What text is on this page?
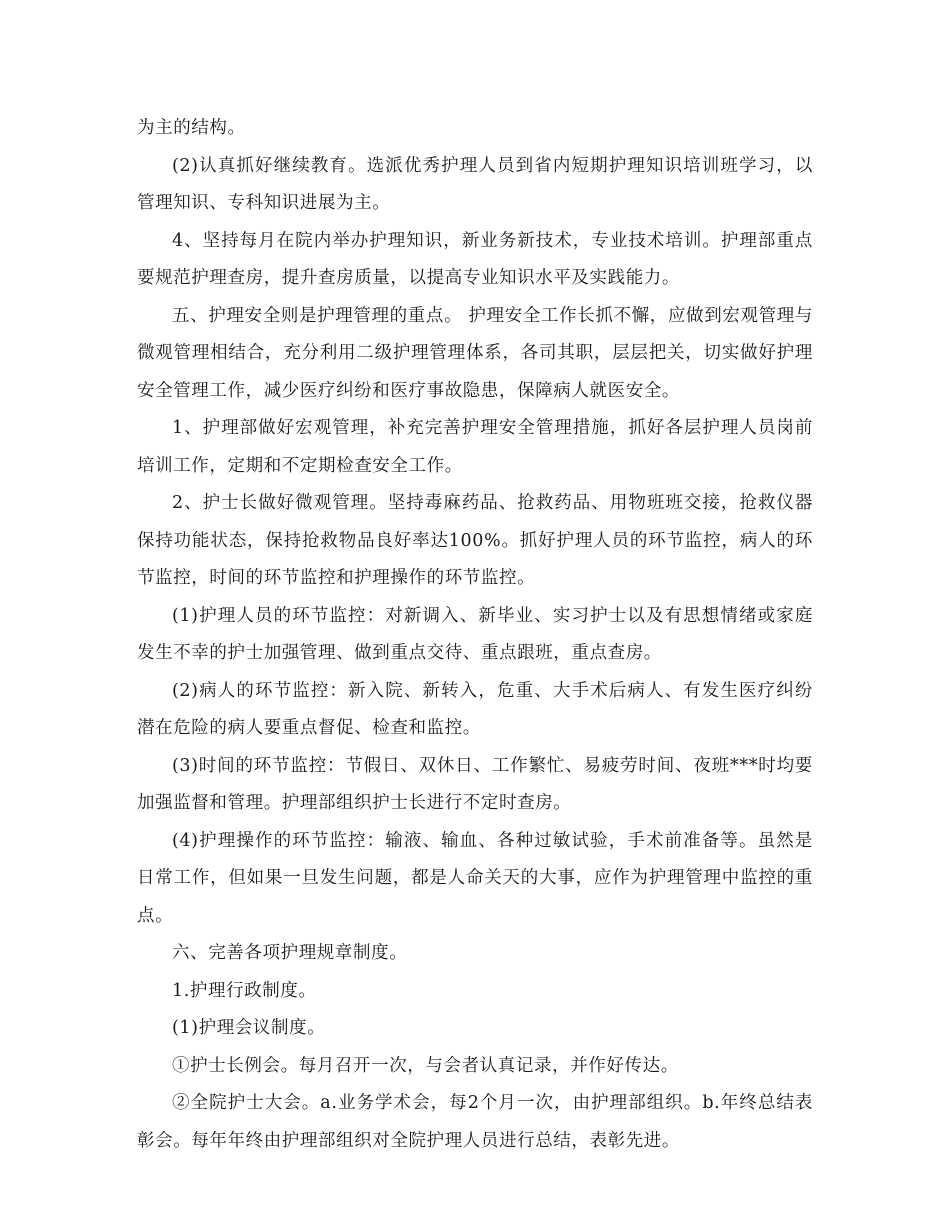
为主的结构。

(2)认真抓好继续教育。选派优秀护理人员到省内短期护理知识培训班学习，以管理知识、专科知识进展为主。

4、坚持每月在院内举办护理知识，新业务新技术，专业技术培训。护理部重点要规范护理查房，提升查房质量，以提高专业知识水平及实践能力。

五、护理安全则是护理管理的重点。 护理安全工作长抓不懈，应做到宏观管理与微观管理相结合，充分利用二级护理管理体系，各司其职，层层把关，切实做好护理安全管理工作，减少医疗纠纷和医疗事故隐患，保障病人就医安全。

1、护理部做好宏观管理，补充完善护理安全管理措施，抓好各层护理人员岗前培训工作，定期和不定期检查安全工作。

2、护士长做好微观管理。坚持毒麻药品、抢救药品、用物班班交接，抢救仪器保持功能状态，保持抢救物品良好率达100%。抓好护理人员的环节监控，病人的环节监控，时间的环节监控和护理操作的环节监控。

(1)护理人员的环节监控：对新调入、新毕业、实习护士以及有思想情绪或家庭发生不幸的护士加强管理、做到重点交待、重点跟班，重点查房。

(2)病人的环节监控：新入院、新转入，危重、大手术后病人、有发生医疗纠纷潜在危险的病人要重点督促、检查和监控。

(3)时间的环节监控：节假日、双休日、工作繁忙、易疲劳时间、夜班***时均要加强监督和管理。护理部组织护士长进行不定时查房。

(4)护理操作的环节监控：输液、输血、各种过敏试验，手术前准备等。虽然是日常工作，但如果一旦发生问题，都是人命关天的大事，应作为护理管理中监控的重点。

六、完善各项护理规章制度。

1.护理行政制度。

(1)护理会议制度。

①护士长例会。每月召开一次，与会者认真记录，并作好传达。

②全院护士大会。a.业务学术会，每2个月一次，由护理部组织。b.年终总结表彰会。每年年终由护理部组织对全院护理人员进行总结，表彰先进。
